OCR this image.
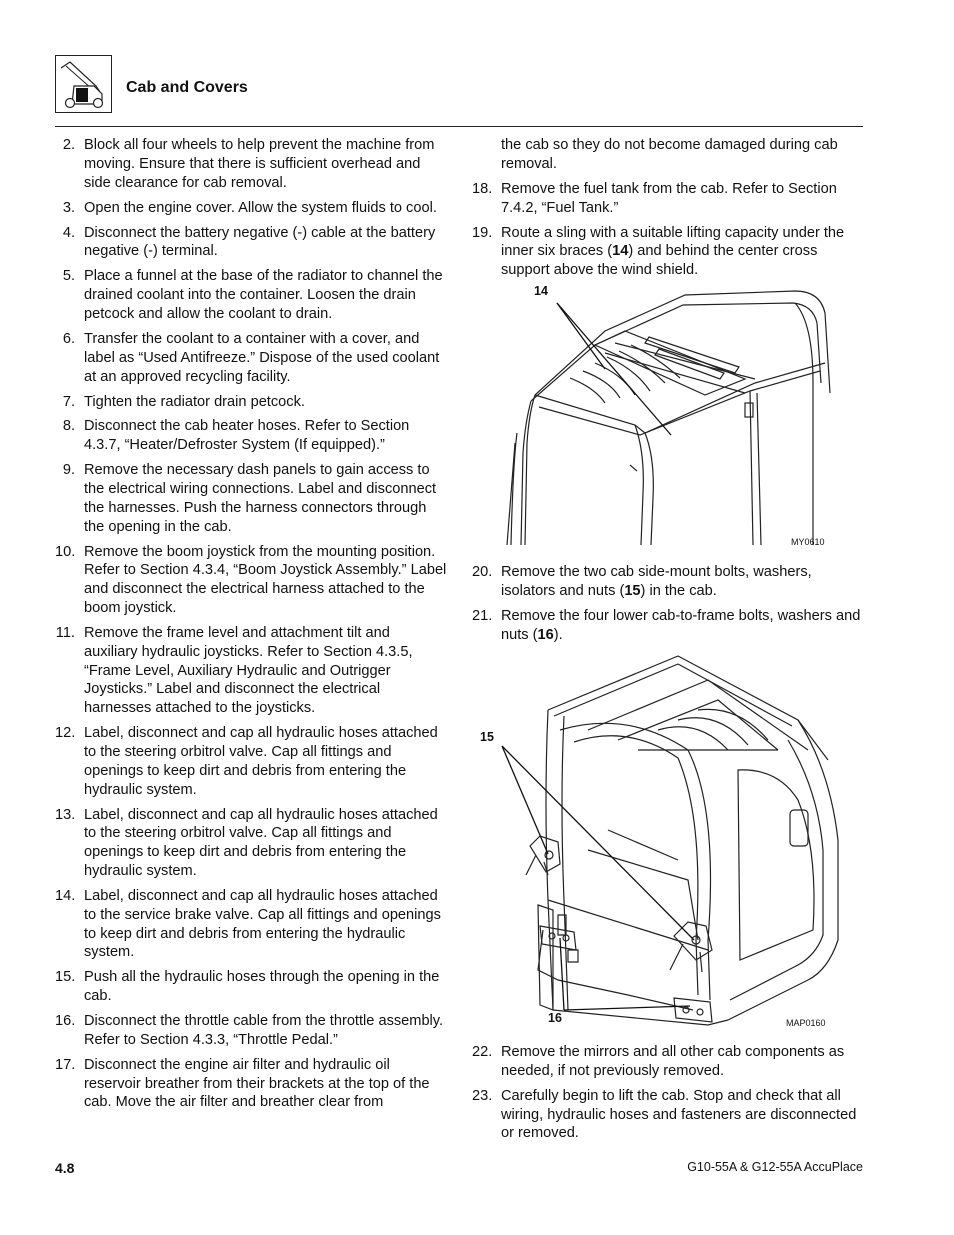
Cab and Covers
2. Block all four wheels to help prevent the machine from moving. Ensure that there is sufficient overhead and side clearance for cab removal.
3. Open the engine cover. Allow the system fluids to cool.
4. Disconnect the battery negative (-) cable at the battery negative (-) terminal.
5. Place a funnel at the base of the radiator to channel the drained coolant into the container. Loosen the drain petcock and allow the coolant to drain.
6. Transfer the coolant to a container with a cover, and label as “Used Antifreeze.” Dispose of the used coolant at an approved recycling facility.
7. Tighten the radiator drain petcock.
8. Disconnect the cab heater hoses. Refer to Section 4.3.7, “Heater/Defroster System (If equipped).”
9. Remove the necessary dash panels to gain access to the electrical wiring connections. Label and disconnect the harnesses. Push the harness connectors through the opening in the cab.
10. Remove the boom joystick from the mounting position. Refer to Section 4.3.4, “Boom Joystick Assembly.” Label and disconnect the electrical harness attached to the boom joystick.
11. Remove the frame level and attachment tilt and auxiliary hydraulic joysticks. Refer to Section 4.3.5, “Frame Level, Auxiliary Hydraulic and Outrigger Joysticks.” Label and disconnect the electrical harnesses attached to the joysticks.
12. Label, disconnect and cap all hydraulic hoses attached to the steering orbitrol valve. Cap all fittings and openings to keep dirt and debris from entering the hydraulic system.
13. Label, disconnect and cap all hydraulic hoses attached to the steering orbitrol valve. Cap all fittings and openings to keep dirt and debris from entering the hydraulic system.
14. Label, disconnect and cap all hydraulic hoses attached to the service brake valve. Cap all fittings and openings to keep dirt and debris from entering the hydraulic system.
15. Push all the hydraulic hoses through the opening in the cab.
16. Disconnect the throttle cable from the throttle assembly. Refer to Section 4.3.3, “Throttle Pedal.”
17. Disconnect the engine air filter and hydraulic oil reservoir breather from their brackets at the top of the cab. Move the air filter and breather clear from
the cab so they do not become damaged during cab removal.
18. Remove the fuel tank from the cab. Refer to Section 7.4.2, “Fuel Tank.”
19. Route a sling with a suitable lifting capacity under the inner six braces (14) and behind the center cross support above the wind shield.
14
MY0610
20. Remove the two cab side-mount bolts, washers, isolators and nuts (15) in the cab.
21. Remove the four lower cab-to-frame bolts, washers and nuts (16).
15
16	MAP0160
22. Remove the mirrors and all other cab components as needed, if not previously removed.
23. Carefully begin to lift the cab. Stop and check that all wiring, hydraulic hoses and fasteners are disconnected or removed.
4.8	G10-55A & G12-55A AccuPlace
